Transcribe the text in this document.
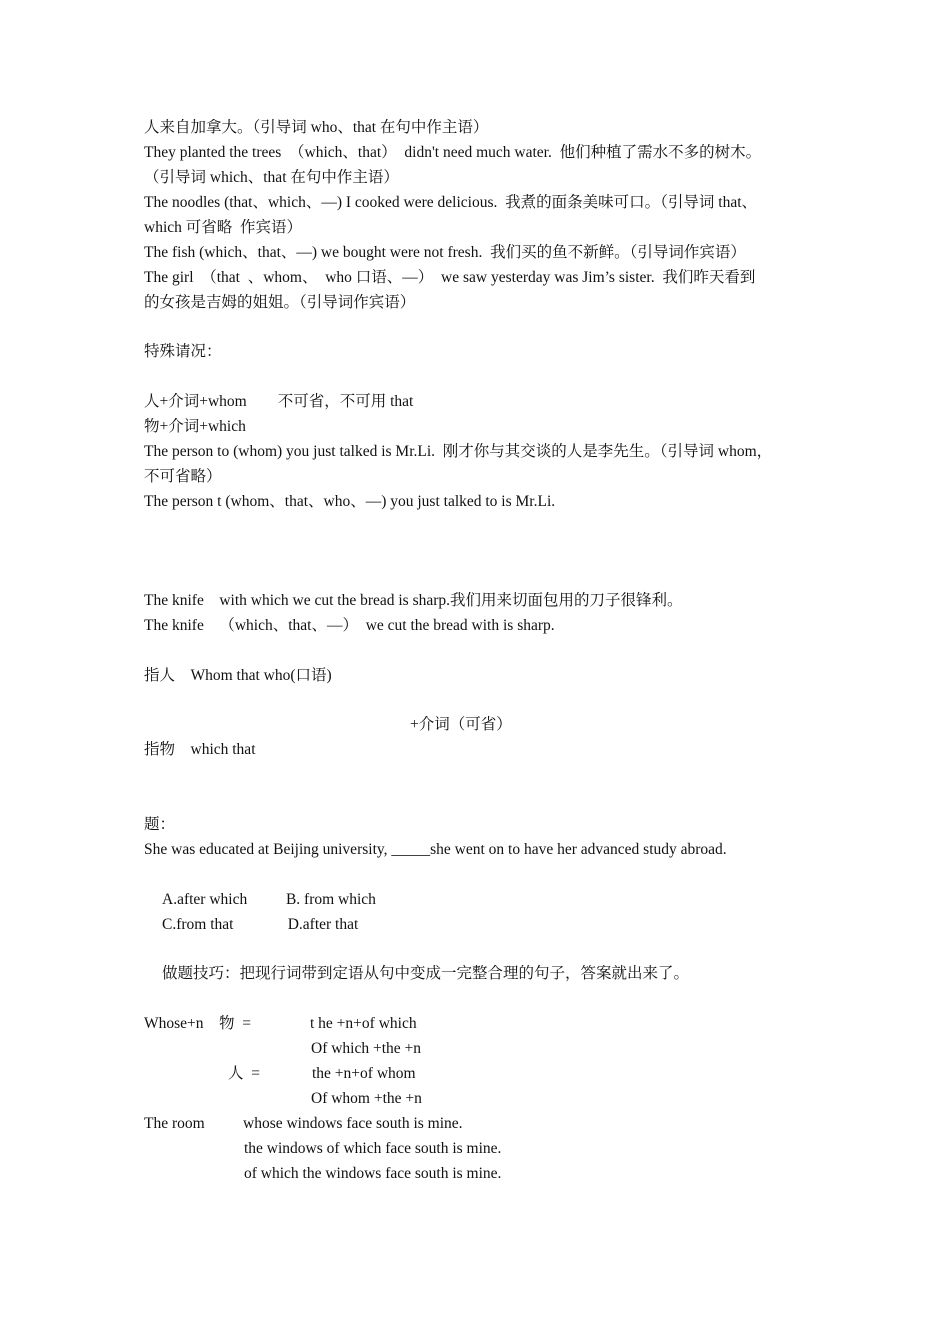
人来自加拿大。（引导词 who、that 在句中作主语）
They planted the trees  （which、that）  didn't need much water.  他们种植了需水不多的树木。
（引导词 which、that 在句中作主语）
The noodles (that、which、—) I cooked were delicious.  我煮的面条美味可口。（引导词 that、
which 可省略  作宾语）
The fish (which、that、—) we bought were not fresh.  我们买的鱼不新鲜。（引导词作宾语）
The girl  （that  、whom、  who 口语、—）  we saw yesterday was Jim’s sister.  我们昨天看到
的女孩是吉姆的姐姐。（引导词作宾语）
特殊请况：
人+介词+whom        不可省，不可用 that
物+介词+which
The person to (whom) you just talked is Mr.Li.  刚才你与其交谈的人是李先生。（引导词 whom，
不可省略）
The person t (whom、that、who、—) you just talked to is Mr.Li.
The knife    with which we cut the bread is sharp.我们用来切面包用的刀子很锋利。
The knife    （which、that、—）  we cut the bread with is sharp.
指人    Whom that who(口语)
+介词（可省）
指物    which that
题：
She was educated at Beijing university, _____she went on to have her advanced study abroad.
A.after which          B. from which
C.from that              D.after that
做题技巧：把现行词带到定语从句中变成一完整合理的句子，答案就出来了。
Whose+n    物  =	t he +n+of which
Of which +the +n
人  =	the +n+of whom
Of whom +the +n
The room whose windows face south is mine.
the windows of which face south is mine.
of which the windows face south is mine.
